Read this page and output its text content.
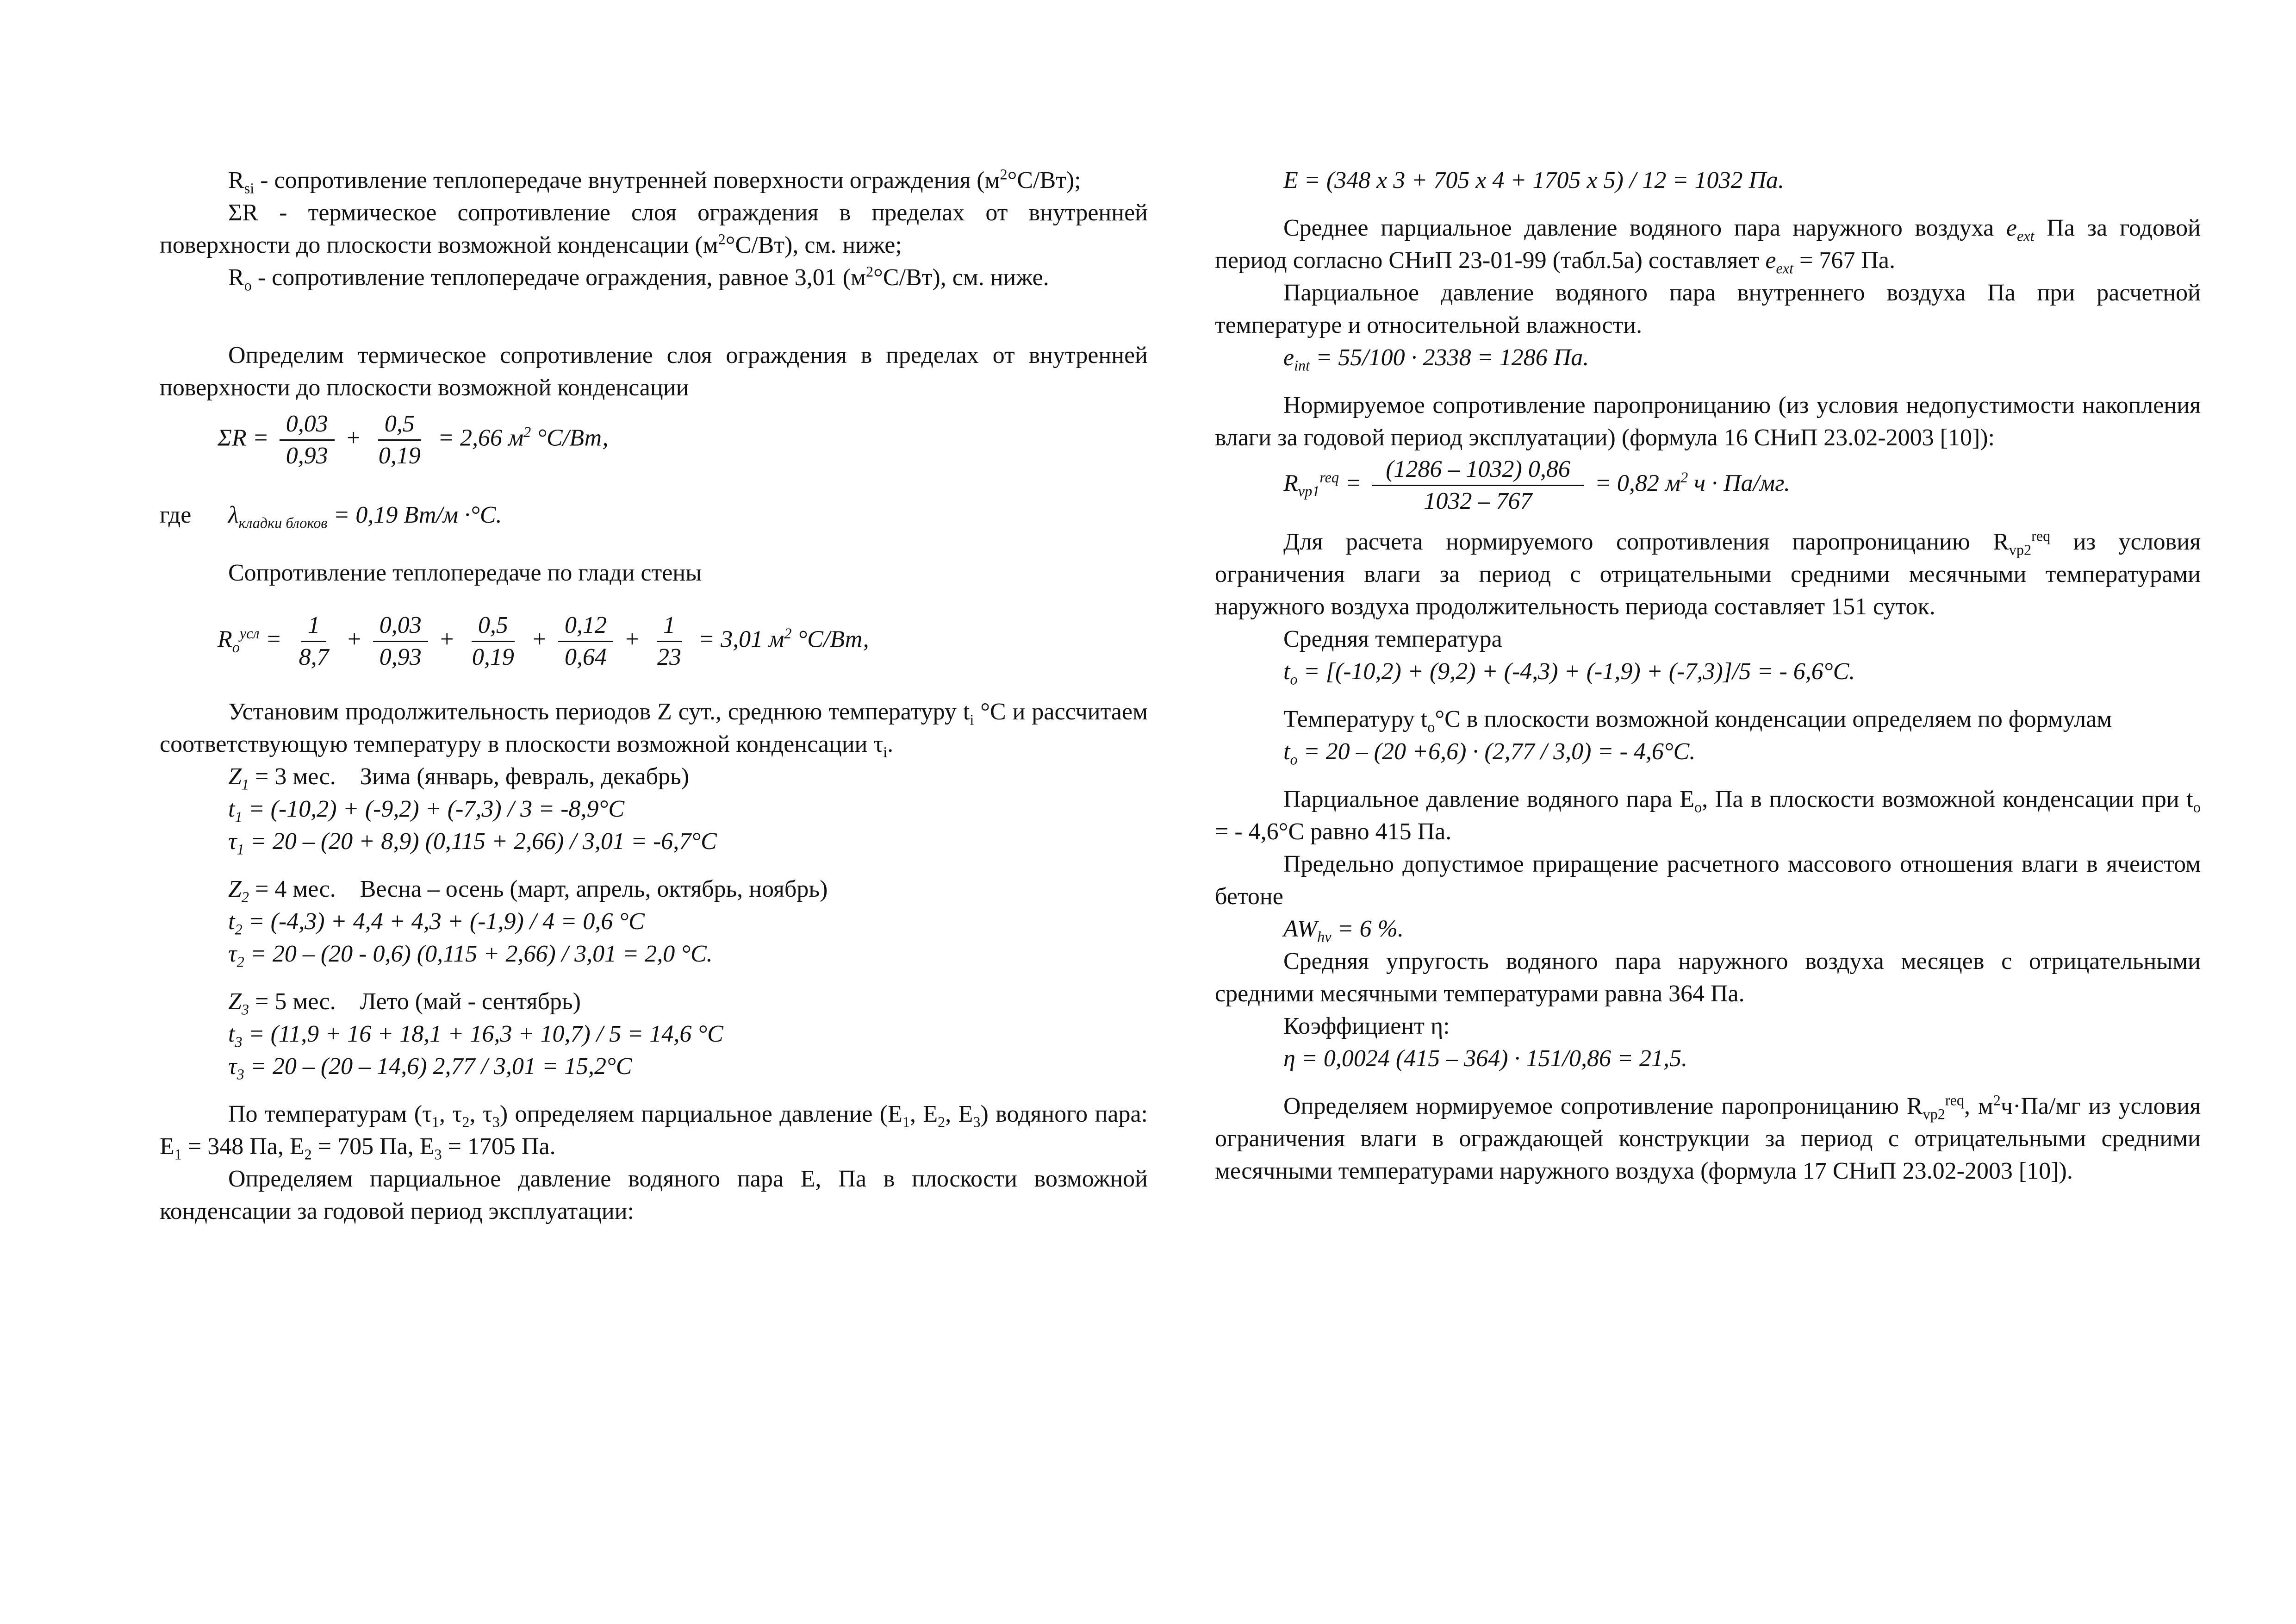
$R_{si}$ - сопротивление теплопередаче внутренней поверхности ограждения $(м^2^\circ C/Вт)$;

ΣR - термическое сопротивление слоя ограждения в пределах от внутренней поверхности до плоскости возможной конденсации $(м^2^\circ C/Вт)$, см. ниже;

$R_o$ - сопротивление теплопередаче ограждения, равное 3,01 $(м^2^\circ C/Вт)$, см. ниже.

Определим термическое сопротивление слоя ограждения в пределах от внутренней поверхности до плоскости возможной конденсации

$\Sigma R = \frac{0,03}{0,93} + \frac{0,5}{0,19} = 2,66$ $м^2$ °C/Вт,

где $\lambda_{кладки блоков} = 0,19$ Вт/м ·°C.

Сопротивление теплопередаче по глади стены

$R_o^{усл} = \frac{1}{8,7} + \frac{0,03}{0,93} + \frac{0,5}{0,19} + \frac{0,12}{0,64} + \frac{1}{23} = 3,01$ $м^2$ °C/Вт,

Установим продолжительность периодов Z сут., среднюю температуру $t_i$ °C и рассчитаем соответствующую температуру в плоскости возможной конденсации $\tau_i$.

$Z_1 = 3$ мес.    Зима (январь, февраль, декабрь)

$t_1 = (-10,2) + (-9,2) + (-7,3) / 3 = -8,9^\circ C$

$\tau_1 = 20 - (20 + 8,9) (0,115 + 2,66) / 3,01 = -6,7^\circ C$

$Z_2 = 4$ мес.    Весна – осень (март, апрель, октябрь, ноябрь)

$t_2 = (-4,3) + 4,4 + 4,3 + (-1,9) / 4 = 0,6$ °C

$\tau_2 = 20 - (20 - 0,6) (0,115 + 2,66) / 3,01 = 2,0$ °C.

$Z_3 = 5$ мес.    Лето (май - сентябрь)

$t_3 = (11,9 + 16 + 18,1 + 16,3 + 10,7) / 5 = 14,6$ °C

$\tau_3 = 20 - (20 - 14,6)$ 2,77 / 3,01 = 15,2°C

По температурам ($\tau_1$, $\tau_2$, $\tau_3$) определяем парциальное давление ($E_1$, $E_2$, $E_3$) водяного пара: $E_1 = 348$ Па, $E_2 = 705$ Па, $E_3 = 1705$ Па.

Определяем парциальное давление водяного пара E, Па в плоскости возможной конденсации за годовой период эксплуатации:

E = (348 x 3 + 705 x 4 + 1705 x 5) / 12 = 1032 Па.

Среднее парциальное давление водяного пара наружного воздуха $e_{ext}$ Па за годовой период согласно СНиП 23-01-99 (табл.5а) составляет $e_{ext} = 767$ Па.

Парциальное давление водяного пара внутреннего воздуха Па при расчетной температуре и относительной влажности.

$e_{int} = 55/100 \cdot 2338 = 1286$ Па.

Нормируемое сопротивление паропроницанию (из условия недопустимости накопления влаги за годовой период эксплуатации) (формула 16 СНиП 23.02-2003 [10]):

$R_{vp1}^{req} = \frac{(1286 - 1032) 0,86}{1032 - 767} = 0,82$ $м^2$ ч · Па/мг.

Для расчета нормируемого сопротивления паропроницанию $R_{vp2}^{req}$ из условия ограничения влаги за период с отрицательными средними месячными температурами наружного воздуха продолжительность периода составляет 151 суток.

Средняя температура

$t_o = [(-10,2) + (9,2) + (-4,3) + (-1,9) + (-7,3)]/5$ = - 6,6°C.

Температуру $t_o^\circ C$ в плоскости возможной конденсации определяем по формулам

$t_o = 20 - (20 +6,6) \cdot (2,77 / 3,0)$ = - 4,6°C.

Парциальное давление водяного пара $E_o$, Па в плоскости возможной конденсации при $t_o$ = - 4,6°C равно 415 Па.

Предельно допустимое приращение расчетного массового отношения влаги в ячеистом бетоне

$AW_{hv} = 6$ %.

Средняя упругость водяного пара наружного воздуха месяцев с отрицательными средними месячными температурами равна 364 Па.

Коэффициент η:

η = 0,0024 (415 – 364) · 151/0,86 = 21,5.

Определяем нормируемое сопротивление паропроницанию $R_{vp2}^{req}$, $м^2ч\cdot Па/мг$ из условия ограничения влаги в ограждающей конструкции за период с отрицательными средними месячными температурами наружного воздуха (формула 17 СНиП 23.02-2003 [10]).
